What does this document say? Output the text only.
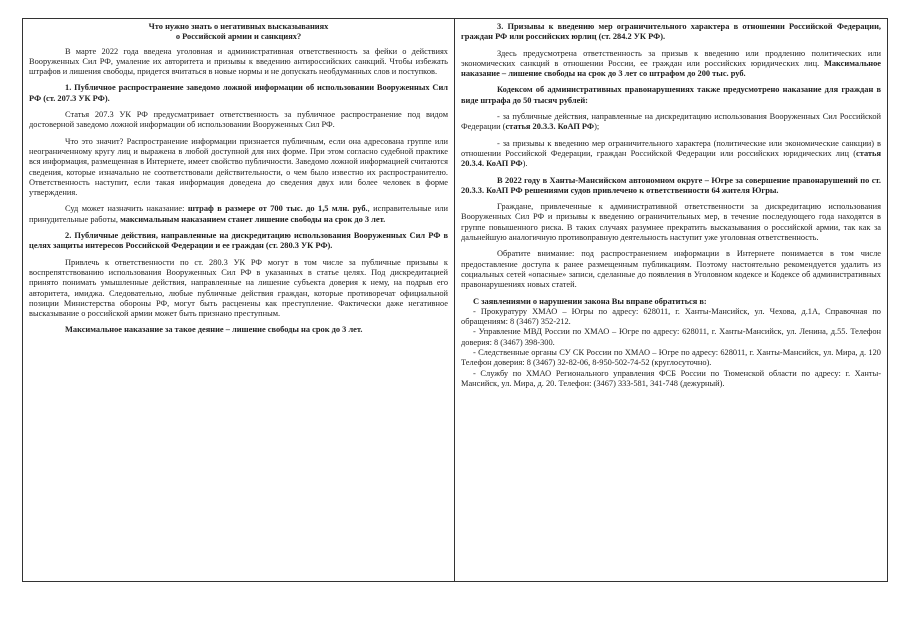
Что нужно знать о негативных высказываниях
о Российской армии и санкциях?

В марте 2022 года введена уголовная и административная ответственность за фейки о действиях Вооруженных Сил РФ, умаление их авторитета и призывы к введению антироссийских санкций. Чтобы избежать штрафов и лишения свободы, придется вчитаться в новые нормы и не допускать необдуманных слов и поступков.

1. Публичное распространение заведомо ложной информации об использовании Вооруженных Сил РФ (ст. 207.3 УК РФ).

Статья 207.3 УК РФ предусматривает ответственность за публичное распространение под видом достоверной заведомо ложной информации об использовании Вооруженных Сил РФ.

Что это значит? Распространение информации признается публичным, если она адресована группе или неограниченному кругу лиц и выражена в любой доступной для них форме. При этом согласно судебной практике вся информация, размещенная в Интернете, имеет свойство публичности. Заведомо ложной информацией считаются сведения, которые изначально не соответствовали действительности, о чем было известно их распространителю. Ответственность наступит, если такая информация доведена до сведения двух или более человек в форме утверждения.

Суд может назначить наказание: штраф в размере от 700 тыс. до 1,5 млн. руб., исправительные или принудительные работы, максимальным наказанием станет лишение свободы на срок до 3 лет.

2. Публичные действия, направленные на дискредитацию использования Вооруженных Сил РФ в целях защиты интересов Российской Федерации и ее граждан (ст. 280.3 УК РФ).

Привлечь к ответственности по ст. 280.3 УК РФ могут в том числе за публичные призывы к воспрепятствованию использования Вооруженных Сил РФ в указанных в статье целях. Под дискредитацией принято понимать умышленные действия, направленные на лишение субъекта доверия к нему, на подрыв его авторитета, имиджа. Следовательно, любые публичные действия граждан, которые противоречат официальной позиции Министерства обороны РФ, могут быть расценены как преступление. Фактически даже негативное высказывание о российской армии может быть признано преступным.

Максимальное наказание за такое деяние – лишение свободы на срок до 3 лет.

3. Призывы к введению мер ограничительного характера в отношении Российской Федерации, граждан РФ или российских юрлиц (ст. 284.2 УК РФ).

Здесь предусмотрена ответственность за призыв к введению или продлению политических или экономических санкций в отношении России, ее граждан или российских юридических лиц. Максимальное наказание – лишение свободы на срок до 3 лет со штрафом до 200 тыс. руб.

Кодексом об административных правонарушениях также предусмотрено наказание для граждан в виде штрафа до 50 тысяч рублей:

- за публичные действия, направленные на дискредитацию использования Вооруженных Сил Российской Федерации (статья 20.3.3. КоАП РФ);

- за призывы к введению мер ограничительного характера (политические или экономические санкции) в отношении Российской Федерации, граждан Российской Федерации или российских юридических лиц (статья 20.3.4. КоАП РФ).

В 2022 году в Ханты-Мансийском автономном округе – Югре за совершение правонарушений по ст. 20.3.3. КоАП РФ решениями судов привлечено к ответственности 64 жителя Югры.

Граждане, привлеченные к административной ответственности за дискредитацию использования Вооруженных Сил РФ и призывы к введению ограничительных мер, в течение последующего года находятся в группе повышенного риска. В таких случаях разумнее прекратить высказывания о российской армии, так как за дальнейшую аналогичную противоправную деятельность наступит уже уголовная ответственность.

Обратите внимание: под распространением информации в Интернете понимается в том числе предоставление доступа к ранее размещенным публикациям. Поэтому настоятельно рекомендуется удалить из социальных сетей «опасные» записи, сделанные до появления в Уголовном кодексе и Кодексе об административных правонарушениях новых статей.

С заявлениями о нарушении закона Вы вправе обратиться в:

- Прокуратуру ХМАО – Югры по адресу: 628011, г. Ханты-Мансийск, ул. Чехова, д.1А, Справочная по обращениям: 8 (3467) 352-212.

- Управление МВД России по ХМАО – Югре по адресу: 628011, г. Ханты-Мансийск, ул. Ленина, д.55. Телефон доверия: 8 (3467) 398-300.

- Следственные органы СУ СК России по ХМАО – Югре по адресу: 628011, г. Ханты-Мансийск, ул. Мира, д. 120 Телефон доверия: 8 (3467) 32-82-06, 8-950-502-74-52 (круглосуточно).

- Службу по ХМАО Регионального управления ФСБ России по Тюменской области по адресу: г. Ханты-Мансийск, ул. Мира, д. 20. Телефон: (3467) 333-581, 341-748 (дежурный).
